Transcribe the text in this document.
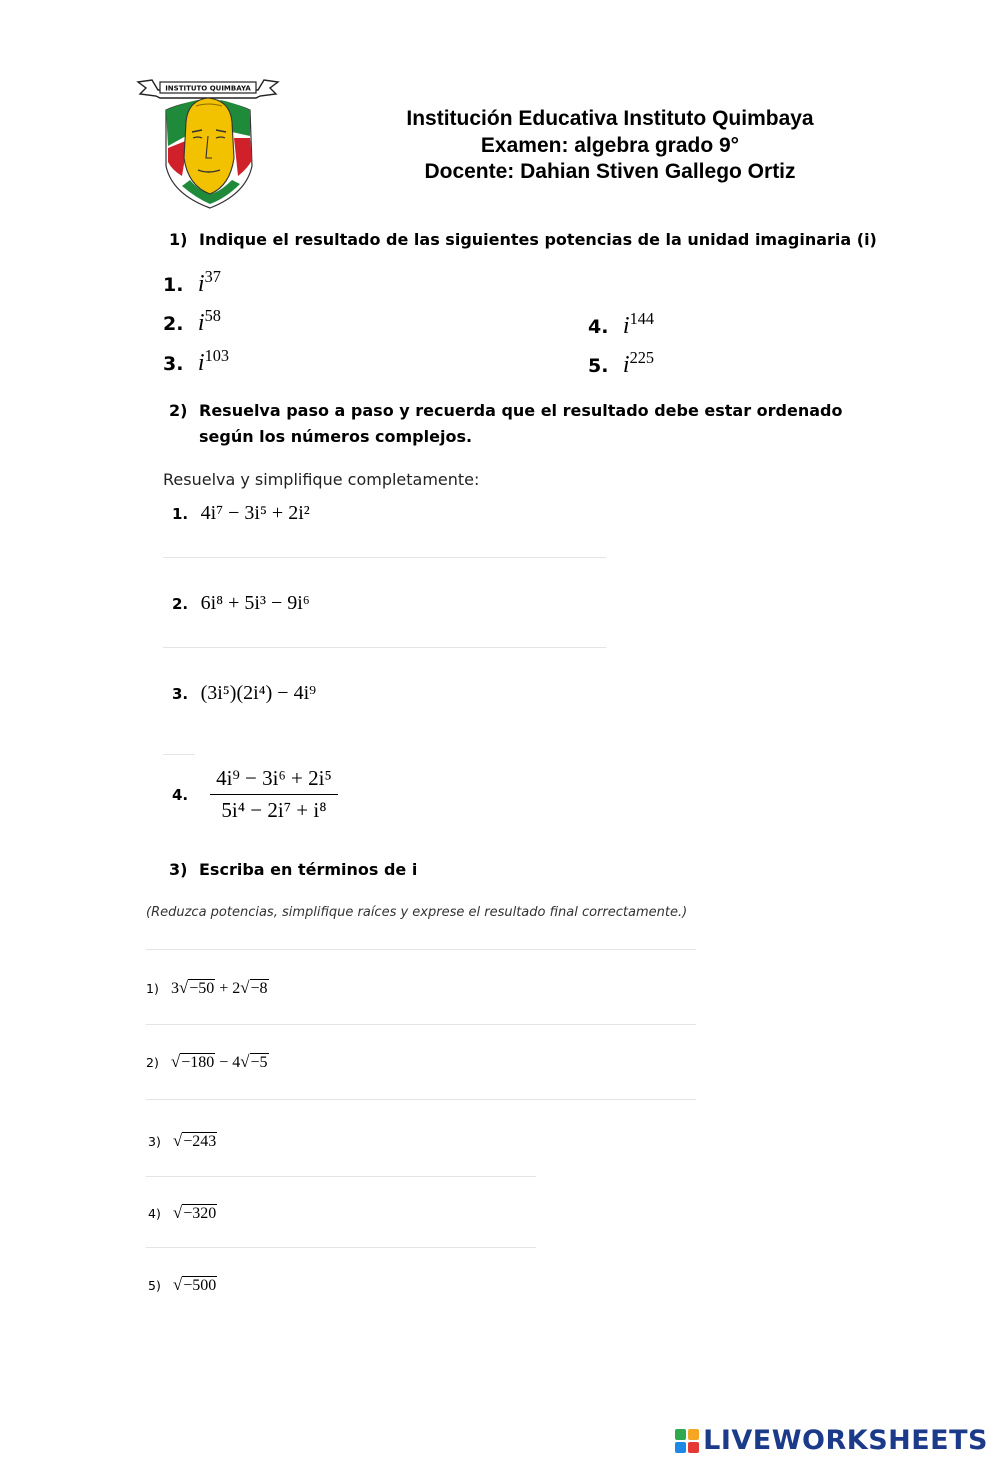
INSTITUTO QUIMBAYA
Institución Educativa Instituto Quimbaya
Examen: algebra grado 9°
Docente: Dahian Stiven Gallego Ortiz
1) Indique el resultado de las siguientes potencias de la unidad imaginaria (i)
1. $i^{37}$
2. $i^{58}$
3. $i^{103}$
4. $i^{144}$
5. $i^{225}$
2) Resuelva paso a paso y recuerda que el resultado debe estar ordenado según los números complejos.
Resuelva y simplifique completamente:
1. 4i⁷ − 3i⁵ + 2i²
2. 6i⁸ + 5i³ − 9i⁶
3. (3i⁵)(2i⁴) − 4i⁹
4. $\frac{\text{4i⁹ − 3i⁶ + 2i⁵}}{\text{5i⁴ − 2i⁷ + i⁸}}$
3) Escriba en términos de i
(Reduzca potencias, simplifique raíces y exprese el resultado final correctamente.)
1) 3√−50 + 2√−8
2) √−180 − 4√−5
3) √−243
4) √−320
5) √−500
LIVEWORKSHEETS
